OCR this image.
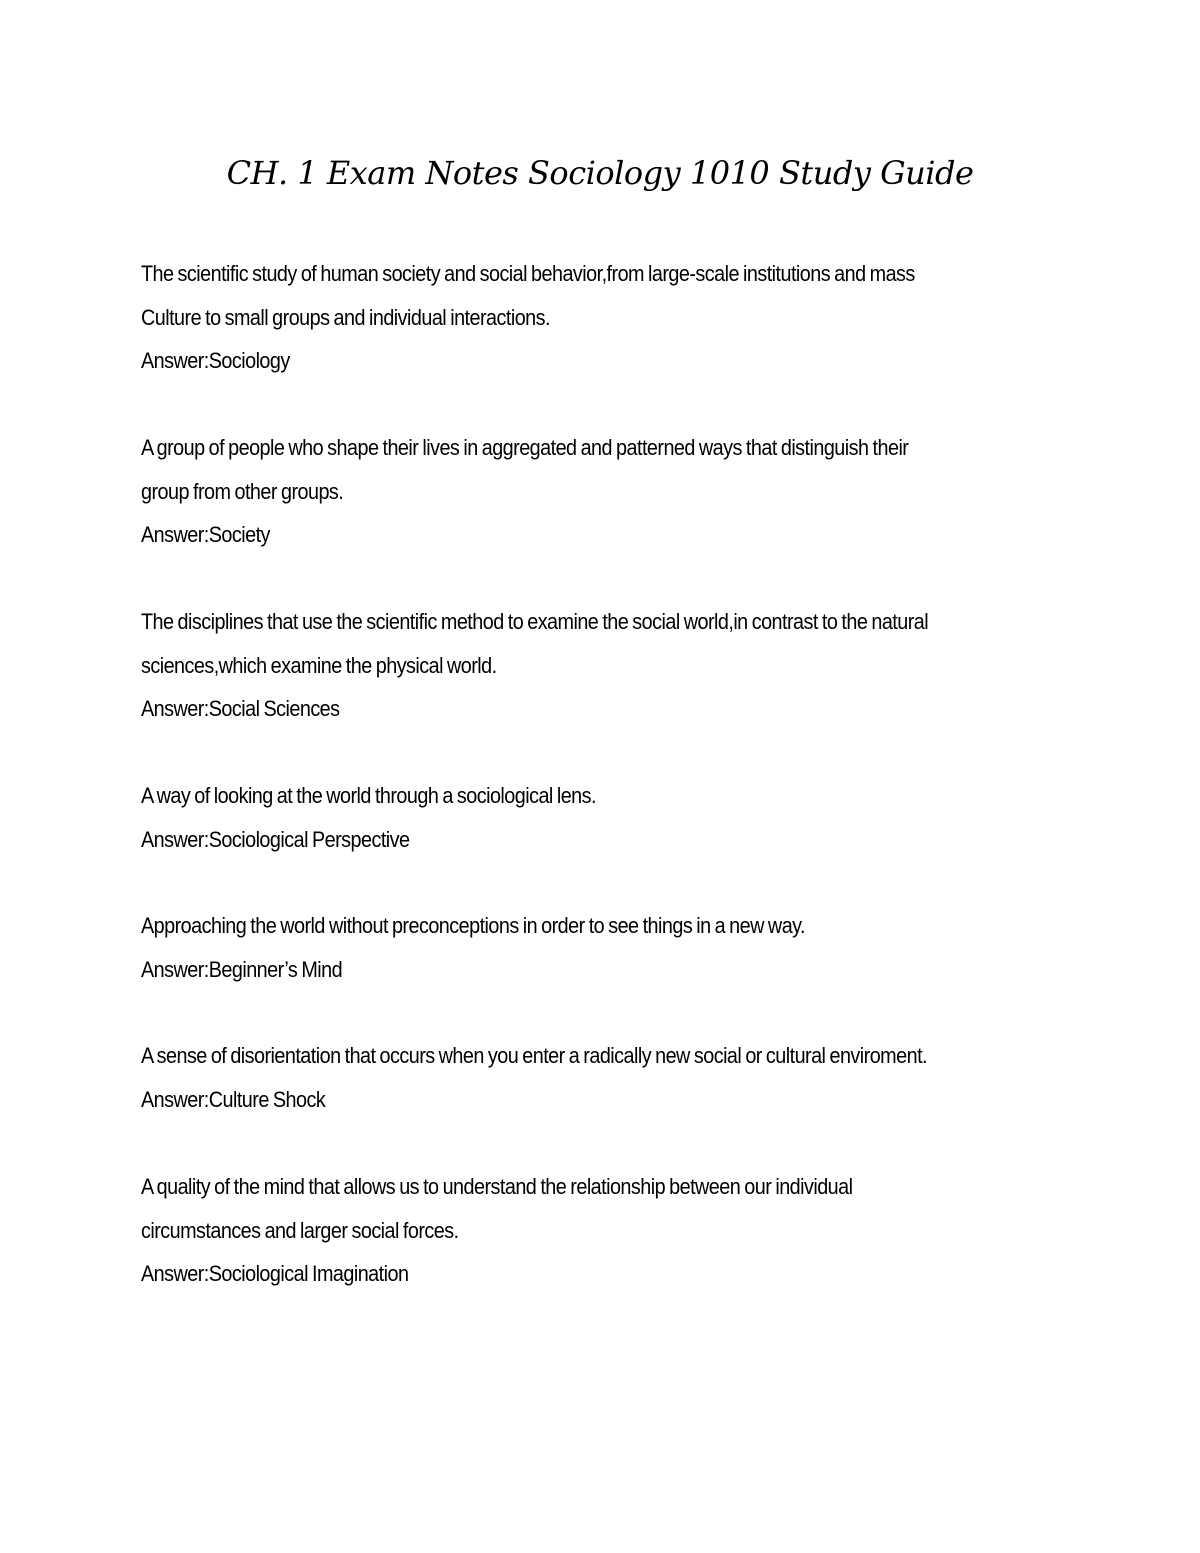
CH. 1 Exam Notes Sociology 1010 Study Guide
The scientific study of human society and social behavior,from large-scale institutions and mass
Culture to small groups and individual interactions.
Answer:Sociology
A group of people who shape their lives in aggregated and patterned ways that distinguish their
group from other groups.
Answer:Society
The disciplines that use the scientific method to examine the social world,in contrast to the natural
sciences,which examine the physical world.
Answer:Social Sciences
A way of looking at the world through a sociological lens.
Answer:Sociological Perspective
Approaching the world without preconceptions in order to see things in a new way.
Answer:Beginner’s Mind
A sense of disorientation that occurs when you enter a radically new social or cultural enviroment.
Answer:Culture Shock
A quality of the mind that allows us to understand the relationship between our individual
circumstances and larger social forces.
Answer:Sociological Imagination
